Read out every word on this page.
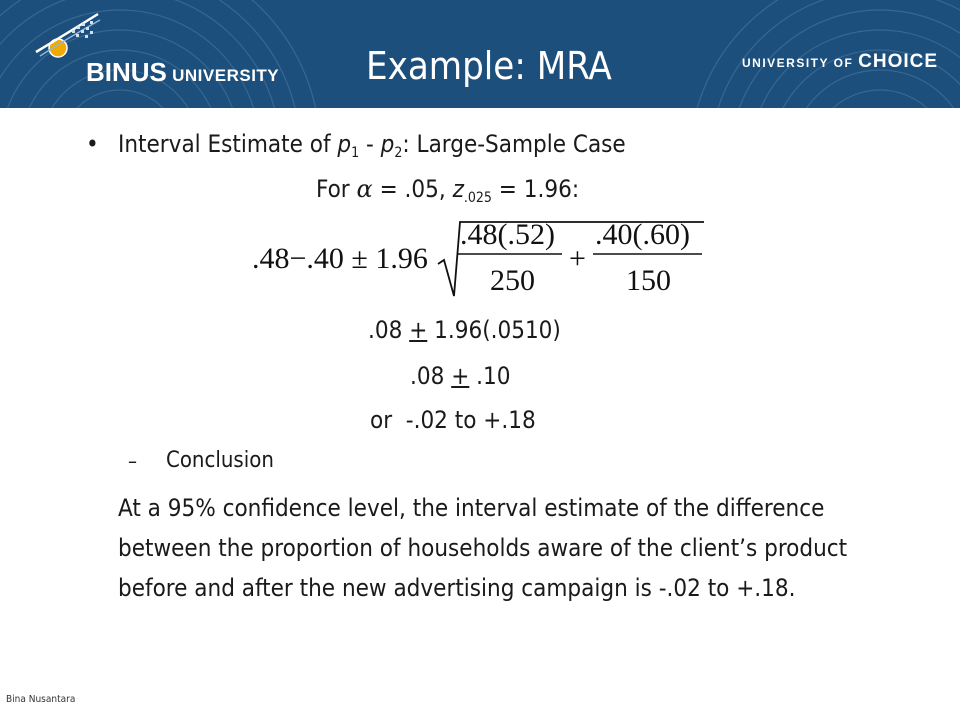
BINUS UNIVERSITY Example: MRA	UNIVERSITY OF CHOICE
• Interval Estimate of $p_1 - p_2$: Large-Sample Case
For α = .05, $z_{.025} = 1.96$:
.48−.40 ± 1.96
.48(.52)
250
+
.40(.60)
150
.08 + 1.96(.0510)
.08 + .10
or  -.02 to +.18
– Conclusion
At a 95% confidence level, the interval estimate of the difference between the proportion of households aware of the client’s product before and after the new advertising campaign is -.02 to +.18.
Bina Nusantara
